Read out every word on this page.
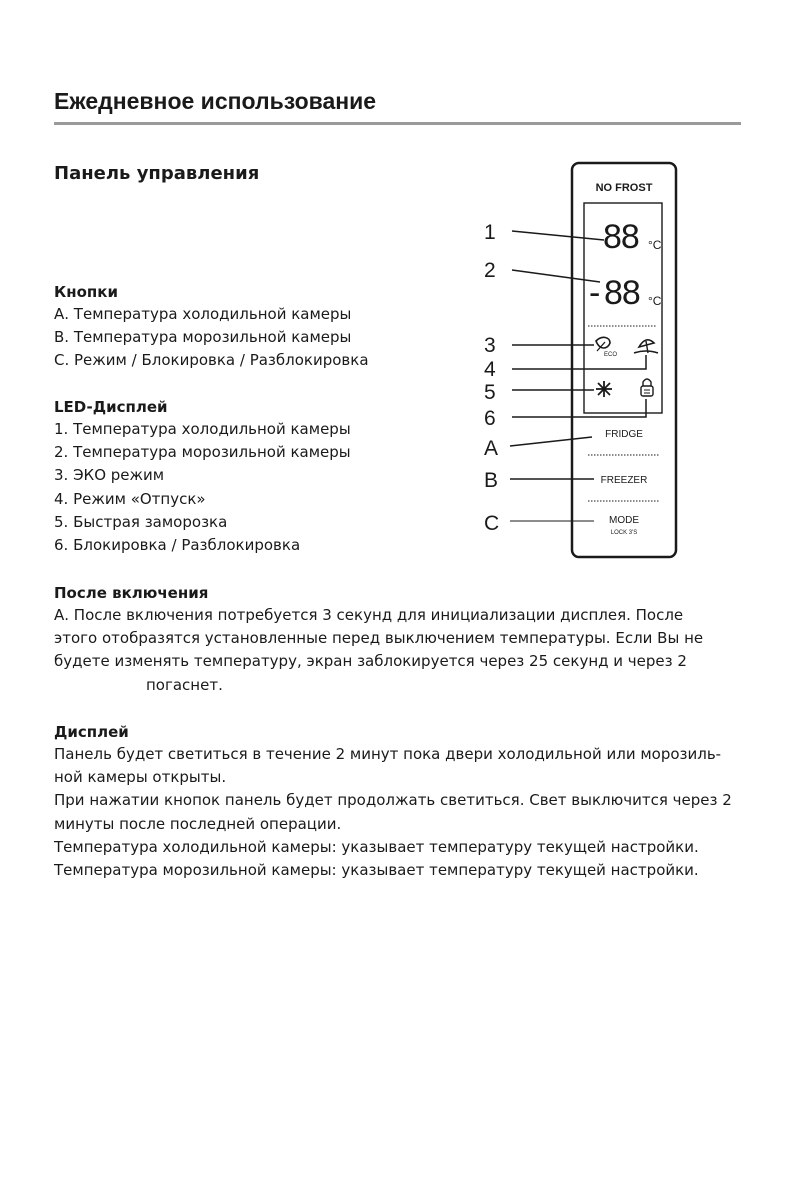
Ежедневное использование
Панель управления
Кнопки
А. Температура холодильной камеры
В. Температура морозильной камеры
С. Режим / Блокировка / Разблокировка
LED-Дисплей
1. Температура холодильной камеры
2. Температура морозильной камеры
3. ЭКО режим
4. Режим «Отпуск»
5. Быстрая заморозка
6. Блокировка / Разблокировка
После включения
А. После включения потребуется 3 секунд для инициализации дисплея. После
этого отобразятся установленные перед выключением температуры. Если Вы не
будете изменять температуру, экран заблокируется через 25 секунд и через 2
погаснет.
Дисплей
Панель будет светиться в течение 2 минут пока двери холодильной или морозиль-
ной камеры открыты.
При нажатии кнопок панель будет продолжать светиться. Свет выключится через 2
минуты после последней операции.
Температура холодильной камеры: указывает температуру текущей настройки.
Температура морозильной камеры: указывает температуру текущей настройки.
NO FROST
88 °C
- 88 °C
ECO
FRIDGE
FREEZER
MODE
LOCK 3'S
1
2
3
4
5
6
A
B
C
